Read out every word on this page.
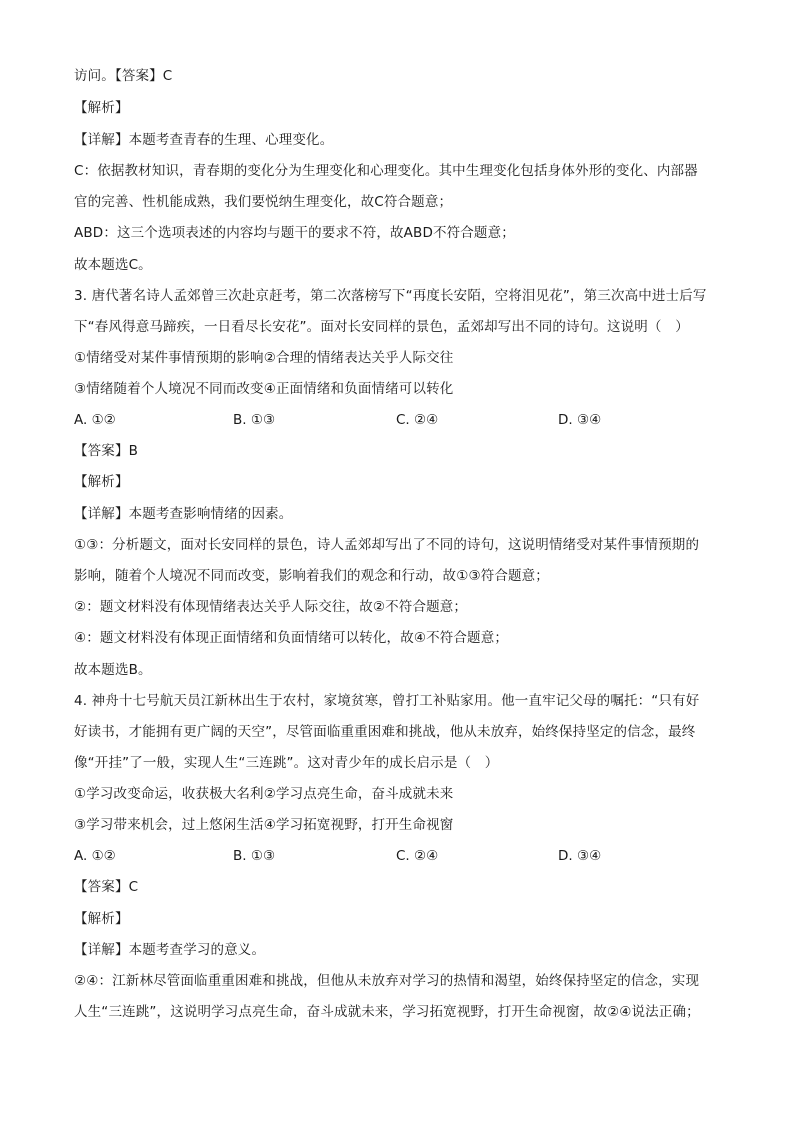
访问。【答案】C
【解析】
【详解】本题考查青春的生理、心理变化。
C：依据教材知识，青春期的变化分为生理变化和心理变化。其中生理变化包括身体外形的变化、内部器
官的完善、性机能成熟，我们要悦纳生理变化，故C符合题意；
ABD：这三个选项表述的内容均与题干的要求不符，故ABD不符合题意；
故本题选C。
3. 唐代著名诗人孟郊曾三次赴京赶考，第二次落榜写下“再度长安陌，空将泪见花”，第三次高中进士后写
下“春风得意马蹄疾，一日看尽长安花”。面对长安同样的景色，孟郊却写出不同的诗句。这说明（　）
①情绪受对某件事情预期的影响②合理的情绪表达关乎人际交往
③情绪随着个人境况不同而改变④正面情绪和负面情绪可以转化
A. ①②	B. ①③	C. ②④	D. ③④
【答案】B
【解析】
【详解】本题考查影响情绪的因素。
①③：分析题文，面对长安同样的景色，诗人孟郊却写出了不同的诗句，这说明情绪受对某件事情预期的
影响，随着个人境况不同而改变，影响着我们的观念和行动，故①③符合题意；
②：题文材料没有体现情绪表达关乎人际交往，故②不符合题意；
④：题文材料没有体现正面情绪和负面情绪可以转化，故④不符合题意；
故本题选B。
4. 神舟十七号航天员江新林出生于农村，家境贫寒，曾打工补贴家用。他一直牢记父母的嘱托：“只有好
好读书，才能拥有更广阔的天空”，尽管面临重重困难和挑战，他从未放弃，始终保持坚定的信念，最终
像“开挂”了一般，实现人生“三连跳”。这对青少年的成长启示是（　）
①学习改变命运，收获极大名利②学习点亮生命，奋斗成就未来
③学习带来机会，过上悠闲生活④学习拓宽视野，打开生命视窗
A. ①②	B. ①③	C. ②④	D. ③④
【答案】C
【解析】
【详解】本题考查学习的意义。
②④：江新林尽管面临重重困难和挑战，但他从未放弃对学习的热情和渴望，始终保持坚定的信念，实现
人生“三连跳”，这说明学习点亮生命，奋斗成就未来，学习拓宽视野，打开生命视窗，故②④说法正确；
